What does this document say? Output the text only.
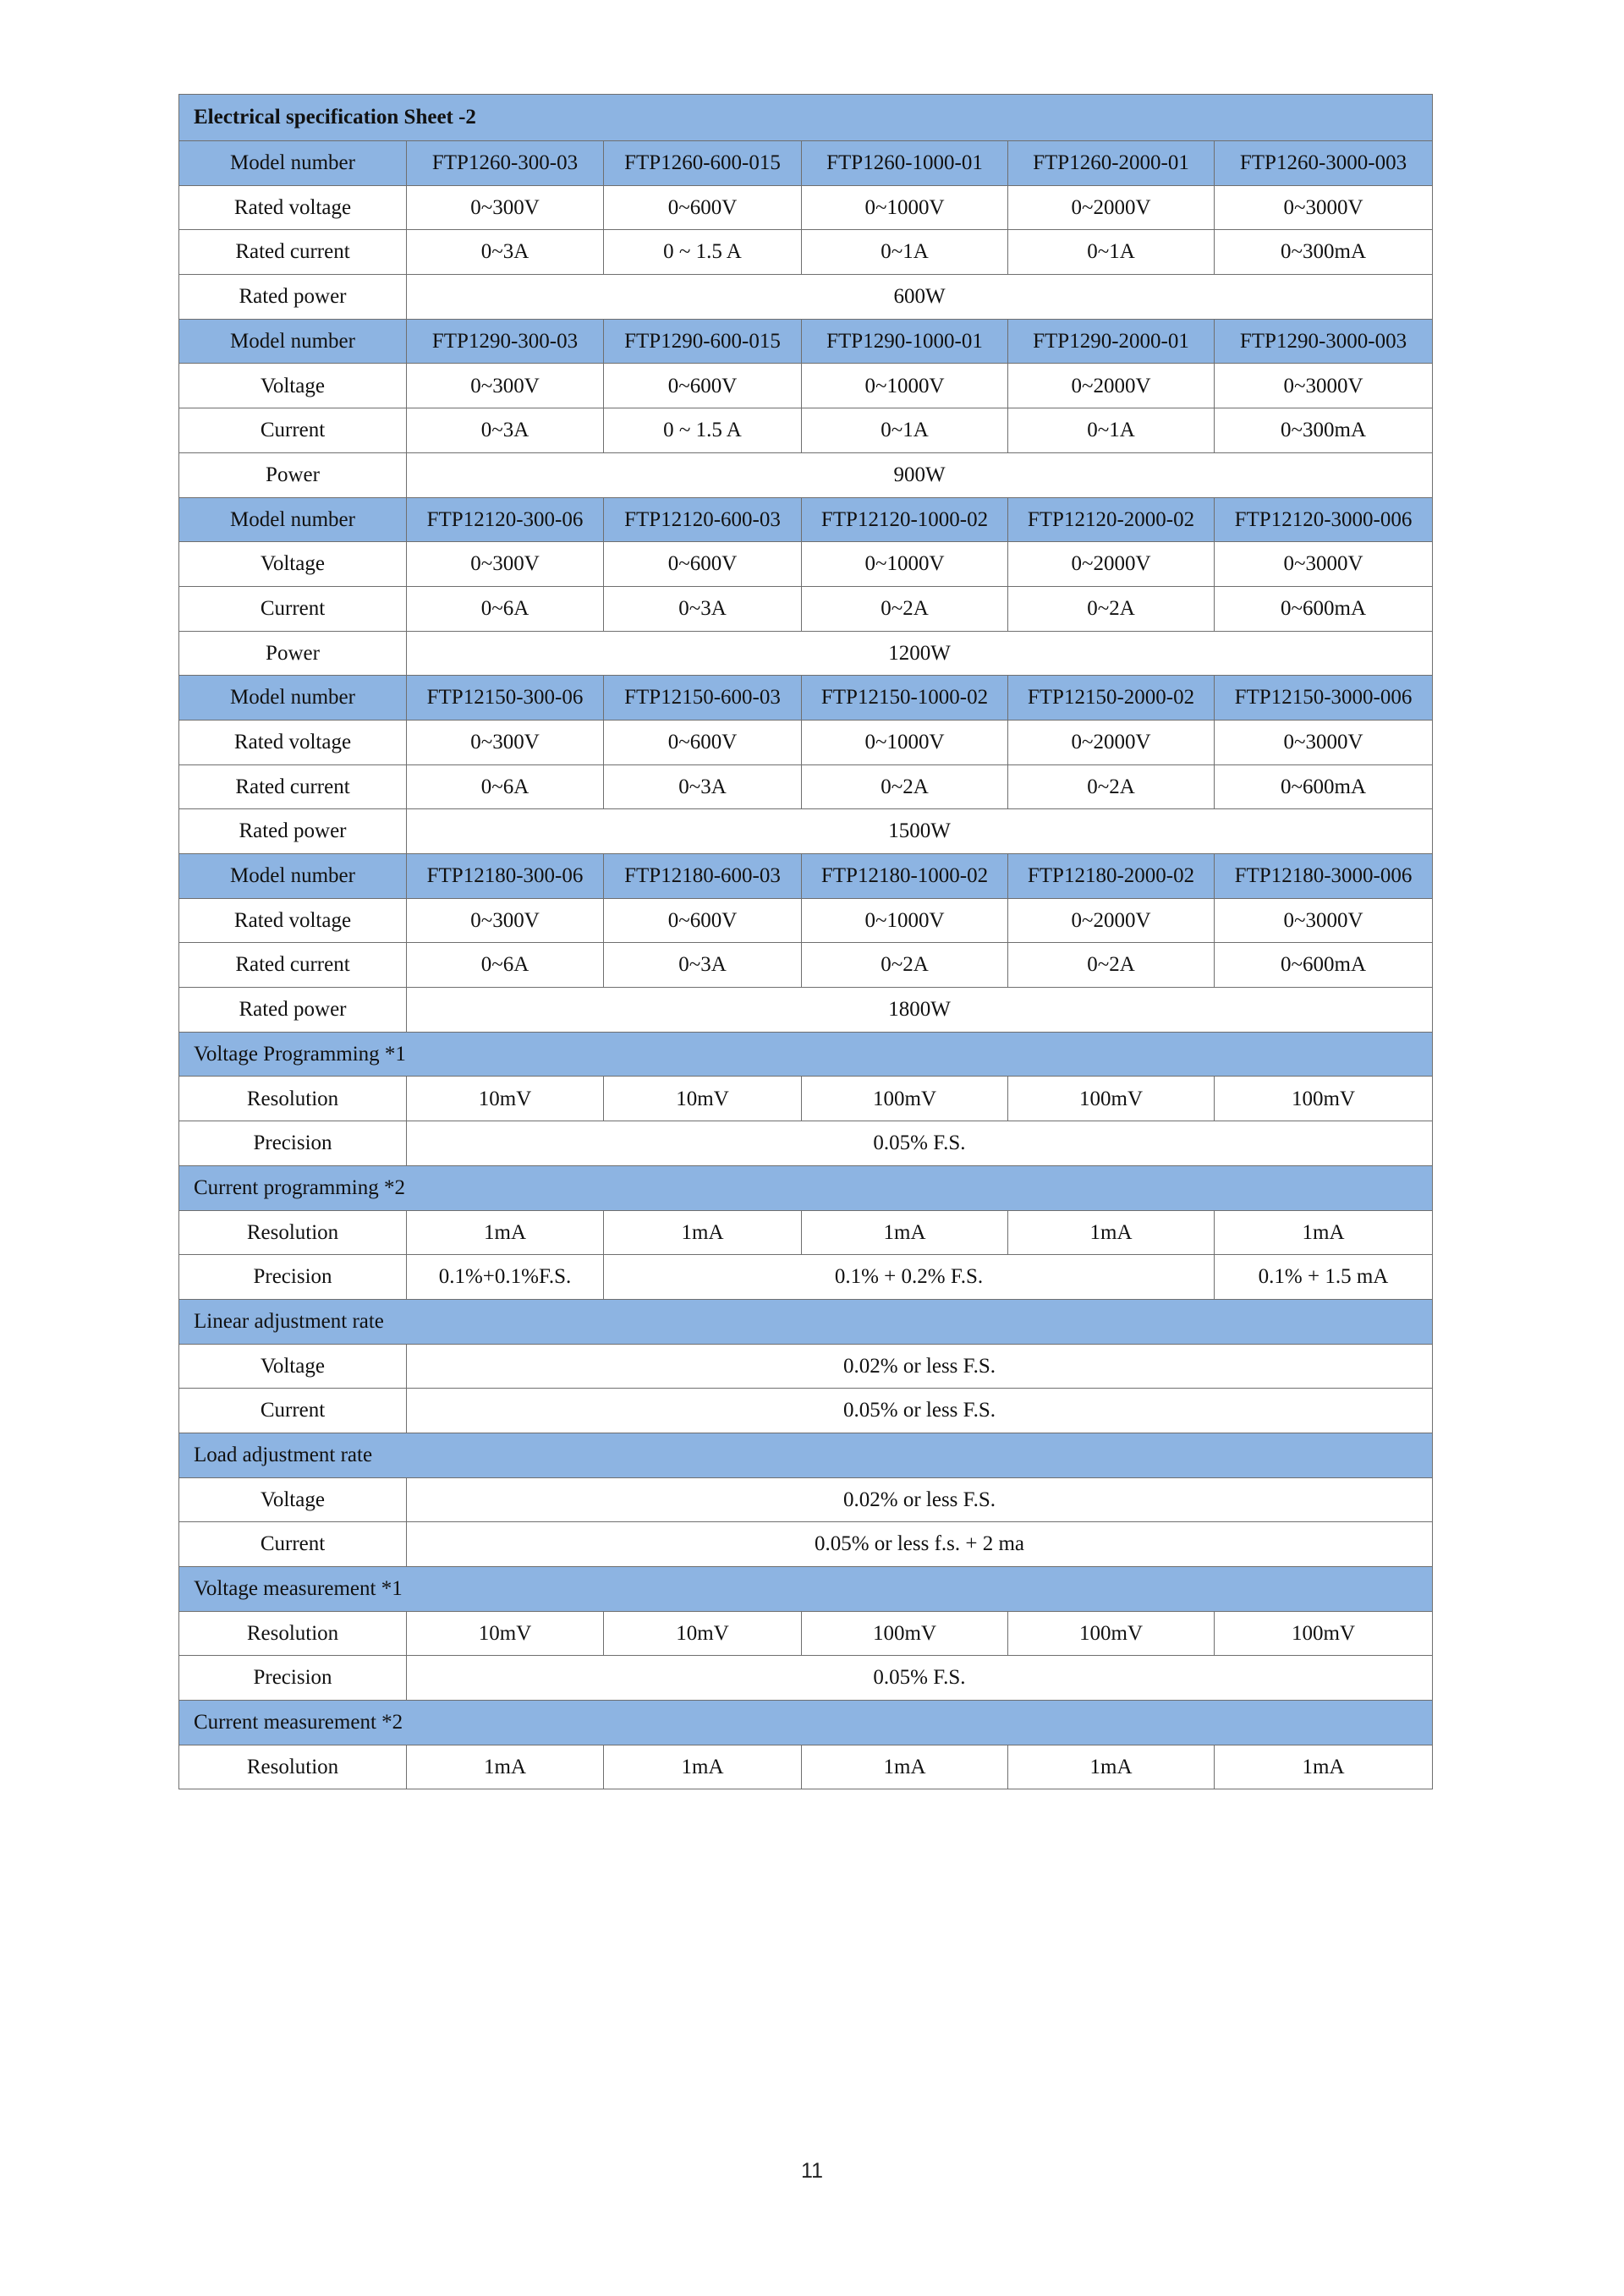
Electrical specification Sheet -2					
Model number	FTP1260-300-03	FTP1260-600-015	FTP1260-1000-01	FTP1260-2000-01	FTP1260-3000-003
Rated voltage	0~300V	0~600V	0~1000V	0~2000V	0~3000V
Rated current	0~3A	0 ~ 1.5 A	0~1A	0~1A	0~300mA
Rated power	600W				
Model number	FTP1290-300-03	FTP1290-600-015	FTP1290-1000-01	FTP1290-2000-01	FTP1290-3000-003
Voltage	0~300V	0~600V	0~1000V	0~2000V	0~3000V
Current	0~3A	0 ~ 1.5 A	0~1A	0~1A	0~300mA
Power	900W				
Model number	FTP12120-300-06	FTP12120-600-03	FTP12120-1000-02	FTP12120-2000-02	FTP12120-3000-006
Voltage	0~300V	0~600V	0~1000V	0~2000V	0~3000V
Current	0~6A	0~3A	0~2A	0~2A	0~600mA
Power	1200W				
Model number	FTP12150-300-06	FTP12150-600-03	FTP12150-1000-02	FTP12150-2000-02	FTP12150-3000-006
Rated voltage	0~300V	0~600V	0~1000V	0~2000V	0~3000V
Rated current	0~6A	0~3A	0~2A	0~2A	0~600mA
Rated power	1500W				
Model number	FTP12180-300-06	FTP12180-600-03	FTP12180-1000-02	FTP12180-2000-02	FTP12180-3000-006
Rated voltage	0~300V	0~600V	0~1000V	0~2000V	0~3000V
Rated current	0~6A	0~3A	0~2A	0~2A	0~600mA
Rated power	1800W				
Voltage Programming *1					
Resolution	10mV	10mV	100mV	100mV	100mV
Precision	0.05% F.S.				
Current programming *2					
Resolution	1mA	1mA	1mA	1mA	1mA
Precision	0.1%+0.1%F.S.	0.1% + 0.2% F.S.			0.1% + 1.5 mA
Linear adjustment rate					
Voltage	0.02% or less F.S.				
Current	0.05% or less F.S.				
Load adjustment rate					
Voltage	0.02% or less F.S.				
Current	0.05% or less f.s. + 2 ma				
Voltage measurement *1					
Resolution	10mV	10mV	100mV	100mV	100mV
Precision	0.05% F.S.				
Current measurement *2					
Resolution	1mA	1mA	1mA	1mA	1mA
11
